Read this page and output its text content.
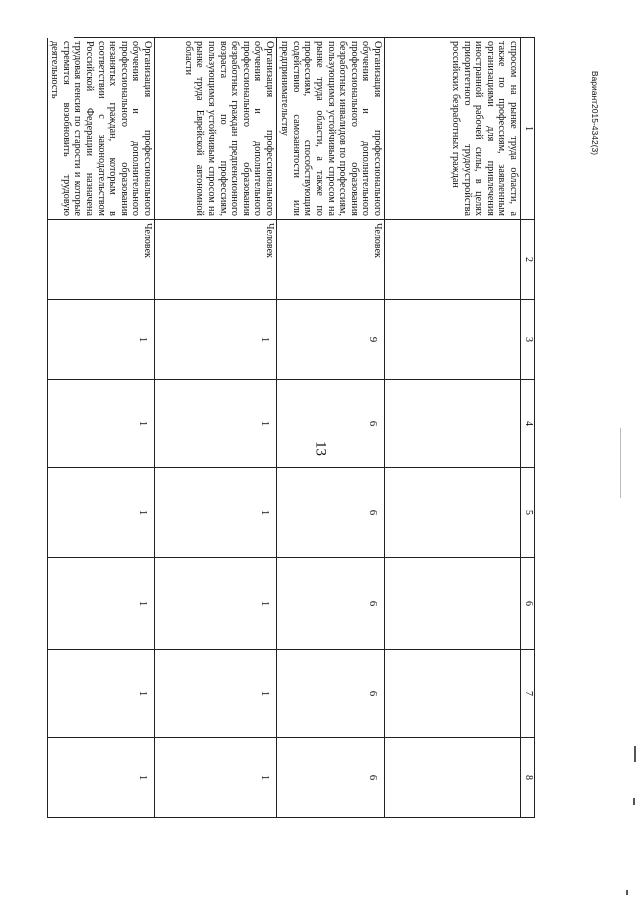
13
Вариант2015-4342(3)
1
2
3
4
5
6
7
8
спросом на рынке труда области, а также по профессиям, заявленным организациями для привлечения иностранной рабочей силы, в целях приоритетного трудоустройства российских безработных граждан
Организация профессионального обучения и дополнительного профессионального образования безработных инвалидов по профессиям, пользующимся устойчивым спросом на рынке труда области, а также по профессиям, способствующим содействию самозанятости или предпринимательству
Человек
9
6
6
6
6
6
Организация профессионального обучения и дополнительного профессионального образования безработных граждан предпенсионного возраста по профессиям, пользующимся устойчивым спросом на рынке труда Еврейской автономной области
Человек
1
1
1
1
1
1
Организация профессионального обучения и дополнительного профессионального образования незанятых граждан, которым в соответствии с законодательством Российской Федерации назначена трудовая пенсия по старости и которые стремятся возобновить трудовую деятельность
Человек
1
1
1
1
1
1
